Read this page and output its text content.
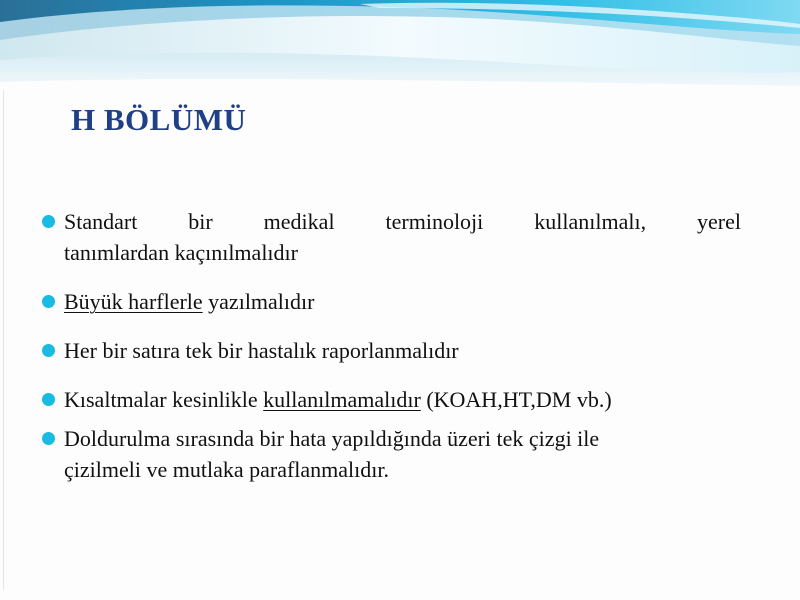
H BÖLÜMÜ
Standart bir medikal terminoloji kullanılmalı, yerel
tanımlardan kaçınılmalıdır
Büyük harflerle yazılmalıdır
Her bir satıra tek bir hastalık raporlanmalıdır
Kısaltmalar kesinlikle kullanılmamalıdır (KOAH,HT,DM vb.)
Doldurulma sırasında bir hata yapıldığında üzeri tek çizgi ile
çizilmeli ve mutlaka paraflanmalıdır.
